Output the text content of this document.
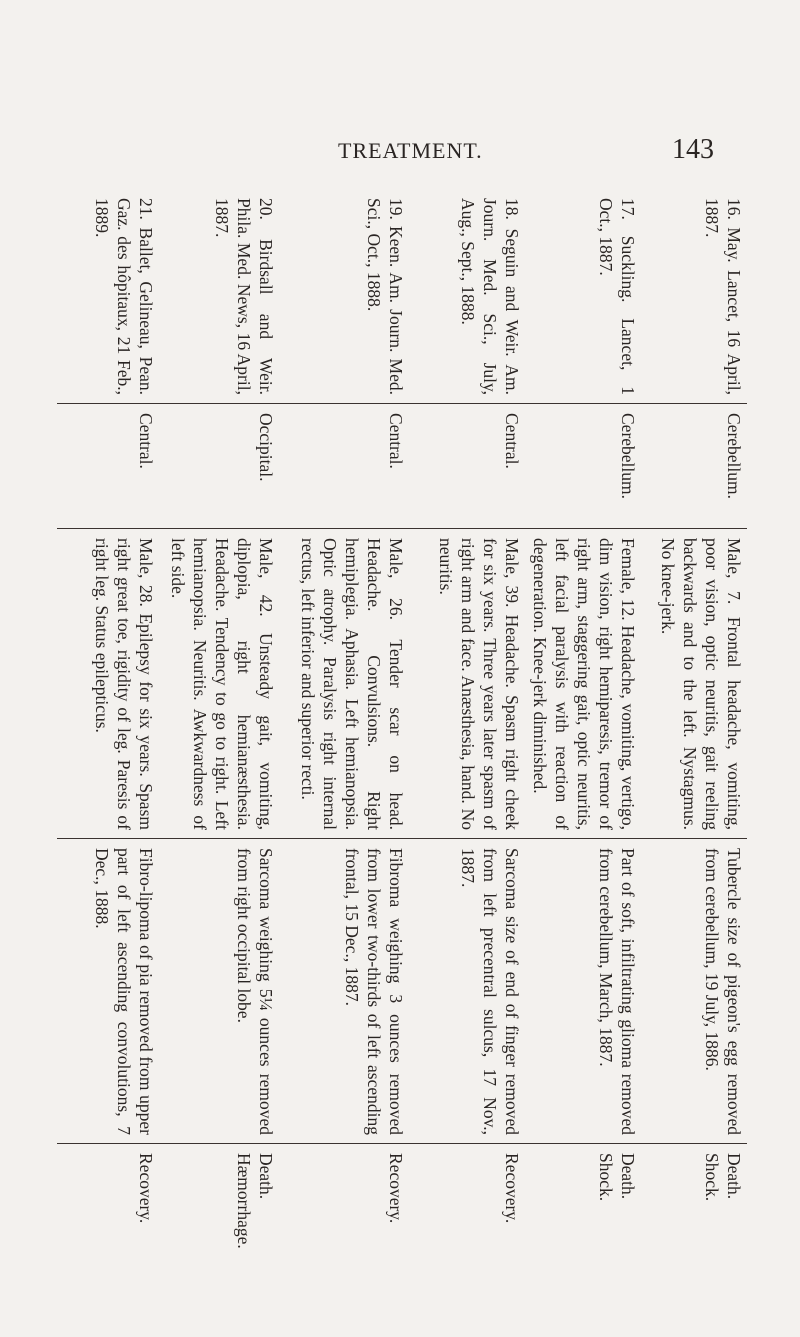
TREATMENT.	143
16. May. Lancet, 16 April, 1887.
Cerebellum.
Male, 7. Frontal headache, vomiting, poor vision, optic neuritis, gait reeling backwards and to the left. Nystagmus. No knee-jerk.
Tubercle size of pigeon's egg removed from cerebellum, 19 July, 1886.
Death. Shock.
17. Suckling. Lancet, 1 Oct., 1887.
Cerebellum.
Female, 12. Headache, vomiting, vertigo, dim vision, right hemiparesis, tremor of right arm, staggering gait, optic neuritis, left facial paralysis with reaction of degeneration. Knee-jerk diminished.
Part of soft, infiltrating glioma removed from cerebellum, March, 1887.
Death. Shock.
18. Seguin and Weir. Am. Journ. Med. Sci., July, Aug., Sept., 1888.
Central.
Male, 39. Headache. Spasm right cheek for six years. Three years later spasm of right arm and face. Anæsthesia, hand. No neuritis.
Sarcoma size of end of finger removed from left precentral sulcus, 17 Nov., 1887.
Recovery.
19. Keen. Am. Journ. Med. Sci., Oct., 1888.
Central.
Male, 26. Tender scar on head. Headache. Convulsions. Right hemiplegia. Aphasia. Left hemianopsia. Optic atrophy. Paralysis right internal rectus, left inferior and superior recti.
Fibroma weighing 3 ounces removed from lower two-thirds of left ascending frontal, 15 Dec., 1887.
Recovery.
20. Birdsall and Weir. Phila. Med. News, 16 April, 1887.
Occipital.
Male, 42. Unsteady gait, vomiting, diplopia, right hemianæsthesia. Headache. Tendency to go to right. Left hemianopsia. Neuritis. Awkwardness of left side.
Sarcoma weighing 5¼ ounces removed from right occipital lobe.
Death. Hæmorrhage.
21. Ballet, Gelineau, Pean. Gaz. des hôpitaux, 21 Feb., 1889.
Central.
Male, 28. Epilepsy for six years. Spasm right great toe, rigidity of leg. Paresis of right leg. Status epilepticus.
Fibro-lipoma of pia removed from upper part of left ascending convolutions, 7 Dec., 1888.
Recovery.
